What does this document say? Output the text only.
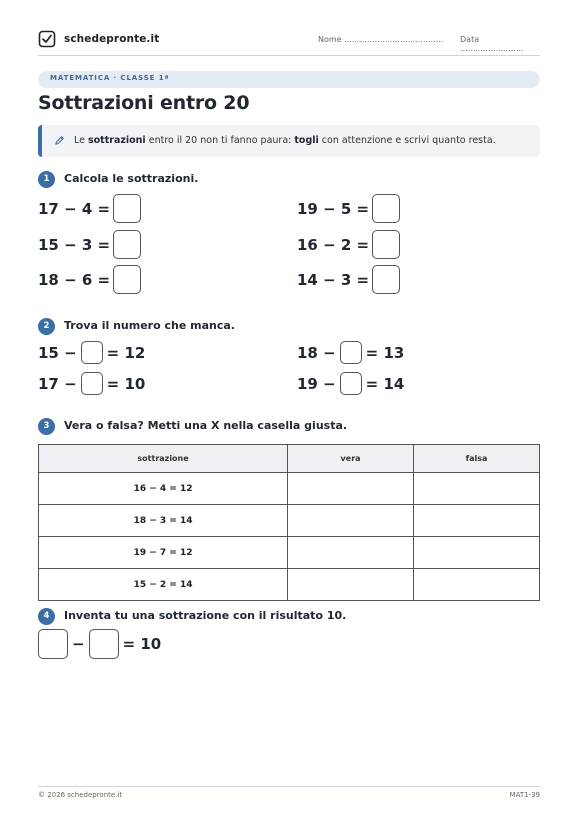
schedepronte.it	Nome ....................................... Data .........................
MATEMATICA · CLASSE 1ª
Sottrazioni entro 20
Le sottrazioni entro il 20 non ti fanno paura: togli con attenzione e scrivi quanto resta.
1	Calcola le sottrazioni.
17 − 4 =	19 − 5 =
15 − 3 =	16 − 2 =
18 − 6 =	14 − 3 =
2	Trova il numero che manca.
15 − = 12	18 − = 13
17 − = 10	19 − = 14
3	Vera o falsa? Metti una X nella casella giusta.
sottrazione	vera	falsa
16 − 4 = 12		
18 − 3 = 14		
19 − 7 = 12		
15 − 2 = 14		
4	Inventa tu una sottrazione con il risultato 10.
−	= 10
© 2026 schedepronte.it	MAT1-39
